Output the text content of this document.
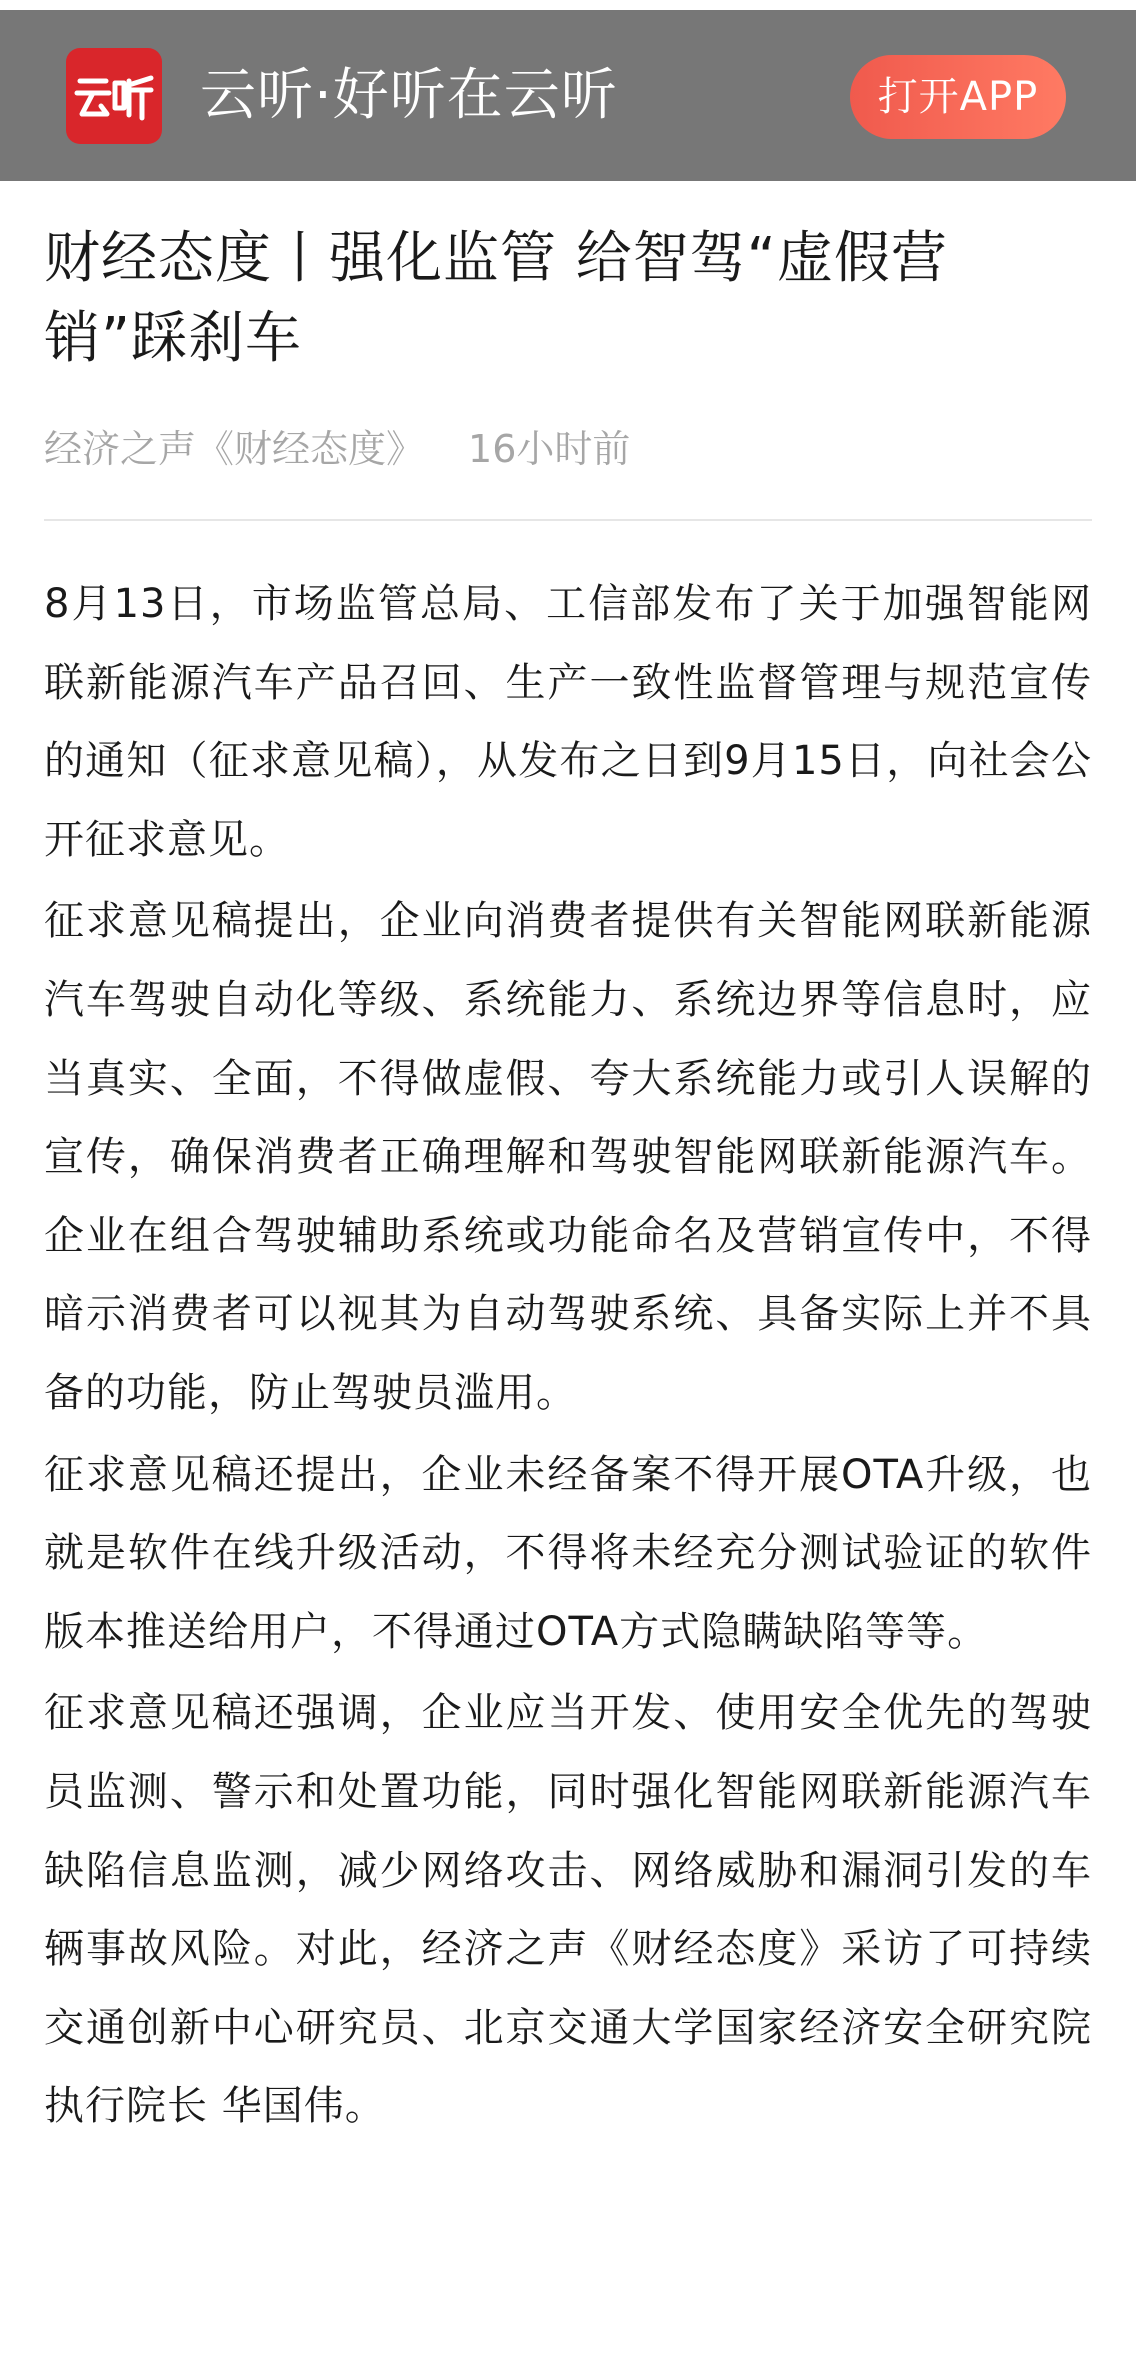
云听·好听在云听	打开APP
财经态度丨强化监管 给智驾“虚假营销”踩刹车
经济之声《财经态度》 16小时前

8月13日，市场监管总局、工信部发布了关于加强智能网联新能源汽车产品召回、生产一致性监督管理与规范宣传的通知（征求意见稿），从发布之日到9月15日，向社会公开征求意见。

征求意见稿提出，企业向消费者提供有关智能网联新能源汽车驾驶自动化等级、系统能力、系统边界等信息时，应当真实、全面，不得做虚假、夸大系统能力或引人误解的宣传，确保消费者正确理解和驾驶智能网联新能源汽车。企业在组合驾驶辅助系统或功能命名及营销宣传中，不得暗示消费者可以视其为自动驾驶系统、具备实际上并不具备的功能，防止驾驶员滥用。

征求意见稿还提出，企业未经备案不得开展OTA升级，也就是软件在线升级活动，不得将未经充分测试验证的软件版本推送给用户，不得通过OTA方式隐瞒缺陷等等。

征求意见稿还强调，企业应当开发、使用安全优先的驾驶员监测、警示和处置功能，同时强化智能网联新能源汽车缺陷信息监测，减少网络攻击、网络威胁和漏洞引发的车辆事故风险。对此，经济之声《财经态度》采访了可持续交通创新中心研究员、北京交通大学国家经济安全研究院执行院长 华国伟。
